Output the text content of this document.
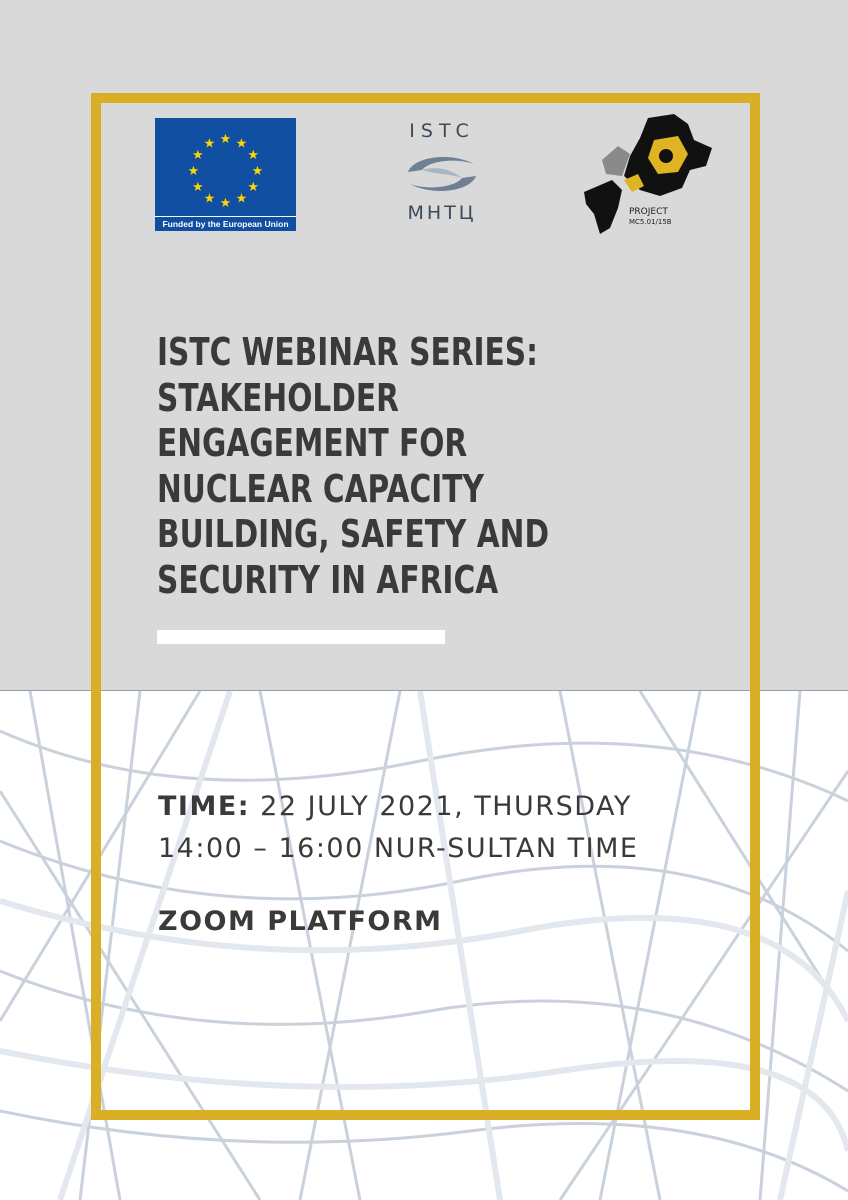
★ ★
★
★
★
★
★
★
★
★
★
★
Funded by the European Union
ISTC
МНТЦ	PROJECT
MC5.01/15B
ISTC WEBINAR SERIES:
STAKEHOLDER
ENGAGEMENT FOR
NUCLEAR CAPACITY
BUILDING, SAFETY AND
SECURITY IN AFRICA
TIME: 22 JULY 2021, THURSDAY
14:00 – 16:00 NUR-SULTAN TIME
ZOOM PLATFORM
